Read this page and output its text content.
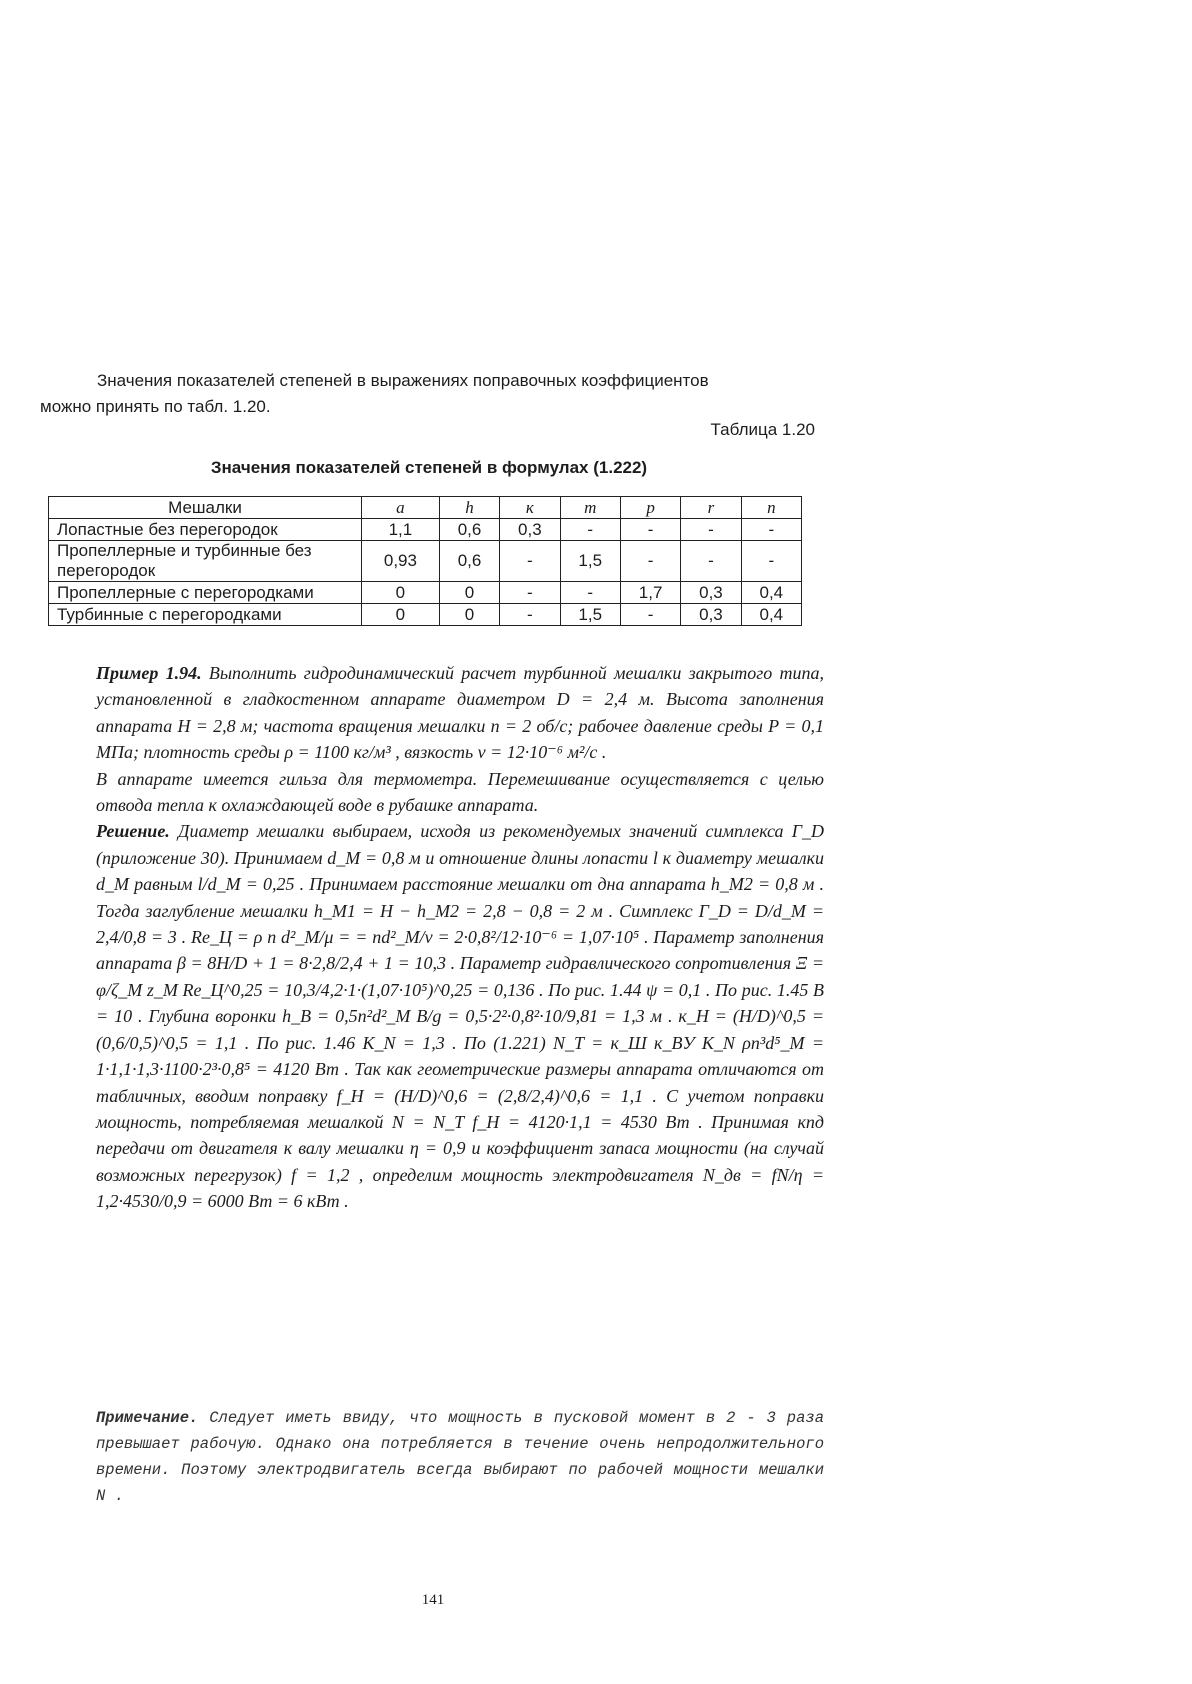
Значения показателей степеней в выражениях поправочных коэффициентов
можно принять по табл. 1.20.
Таблица 1.20
Значения показателей степеней в формулах (1.222)
Мешалки	a	h	к	m	p	r	n
Лопастные без перегородок	1,1	0,6	0,3	-	-	-	-
Пропеллерные и турбинные без перегородок	0,93	0,6	-	1,5	-	-	-
Пропеллерные с перегородками	0	0	-	-	1,7	0,3	0,4
Турбинные с перегородками	0	0	-	1,5	-	0,3	0,4

Пример 1.94. Выполнить гидродинамический расчет турбинной мешалки закрытого типа, установленной в гладкостенном аппарате диаметром D = 2,4 м. Высота заполнения аппарата H = 2,8 м; частота вращения мешалки n = 2 об/с; рабочее давление среды P = 0,1 МПа; плотность среды ρ = 1100 кг/м³ , вязкость ν = 12·10⁻⁶ м²/с .

В аппарате имеется гильза для термометра. Перемешивание осуществляется с целью отвода тепла к охлаждающей воде в рубашке аппарата.

Решение. Диаметр мешалки выбираем, исходя из рекомендуемых значений симплекса Γ_D (приложение 30). Принимаем d_M = 0,8 м и отношение длины лопасти l к диаметру мешалки d_M равным l/d_M = 0,25 . Принимаем расстояние мешалки от дна аппарата h_M2 = 0,8 м . Тогда заглубление мешалки h_M1 = H − h_M2 = 2,8 − 0,8 = 2 м . Симплекс Γ_D = D/d_M = 2,4/0,8 = 3 . Re_Ц = ρ n d²_M/μ = = nd²_M/ν = 2·0,8²/12·10⁻⁶ = 1,07·10⁵ . Параметр заполнения аппарата β = 8H/D + 1 = 8·2,8/2,4 + 1 = 10,3 . Параметр гидравлического сопротивления Ξ = φ/ζ_M z_M Re_Ц^0,25 = 10,3/4,2·1·(1,07·10⁵)^0,25 = 0,136 . По рис. 1.44 ψ = 0,1 . По рис. 1.45 B = 10 . Глубина воронки h_B = 0,5n²d²_M B/g = 0,5·2²·0,8²·10/9,81 = 1,3 м . к_H = (H/D)^0,5 = (0,6/0,5)^0,5 = 1,1 . По рис. 1.46 K_N = 1,3 . По (1.221) N_T = к_Ш к_BУ K_N ρn³d⁵_M = 1·1,1·1,3·1100·2³·0,8⁵ = 4120 Вт . Так как геометрические размеры аппарата отличаются от табличных, вводим поправку f_H = (H/D)^0,6 = (2,8/2,4)^0,6 = 1,1 . С учетом поправки мощность, потребляемая мешалкой N = N_T f_H = 4120·1,1 = 4530 Вт . Принимая кпд передачи от двигателя к валу мешалки η = 0,9 и коэффициент запаса мощности (на случай возможных перегрузок) f = 1,2 , определим мощность электродвигателя N_дв = fN/η = 1,2·4530/0,9 = 6000 Вт = 6 кВт .

Примечание. Следует иметь ввиду, что мощность в пусковой момент в 2 - 3 раза превышает рабочую. Однако она потребляется в течение очень непродолжительного времени. Поэтому электродвигатель всегда выбирают по рабочей мощности мешалки N .
141
